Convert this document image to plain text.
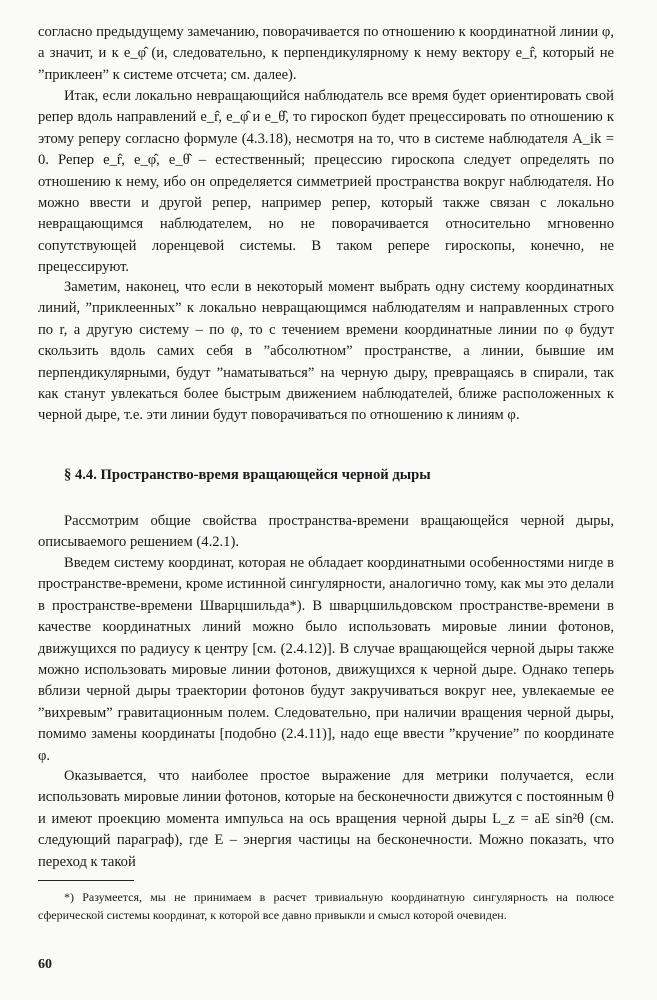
согласно предыдущему замечанию, поворачивается по отношению к координатной линии φ, а значит, и к e_φ̂ (и, следовательно, к перпендикулярному к нему вектору e_r̂, который не ”приклеен” к системе отсчета; см. далее).

Итак, если локально невращающийся наблюдатель все время будет ориентировать свой репер вдоль направлений e_r̂, e_φ̂ и e_θ̂, то гироскоп будет прецессировать по отношению к этому реперу согласно формуле (4.3.18), несмотря на то, что в системе наблюдателя A_ik = 0. Репер e_r̂, e_φ̂, e_θ̂ – естественный; прецессию гироскопа следует определять по отношению к нему, ибо он определяется симметрией пространства вокруг наблюдателя. Но можно ввести и другой репер, например репер, который также связан с локально невращающимся наблюдателем, но не поворачивается относительно мгновенно сопутствующей лоренцевой системы. В таком репере гироскопы, конечно, не прецессируют.

Заметим, наконец, что если в некоторый момент выбрать одну систему координатных линий, ”приклеенных” к локально невращающимся наблюдателям и направленных строго по r, а другую систему – по φ, то с течением времени координатные линии по φ будут скользить вдоль самих себя в ”абсолютном” пространстве, а линии, бывшие им перпендикулярными, будут ”наматываться” на черную дыру, превращаясь в спирали, так как станут увлекаться более быстрым движением наблюдателей, ближе расположенных к черной дыре, т.е. эти линии будут поворачиваться по отношению к линиям φ.

§ 4.4. Пространство-время вращающейся черной дыры

Рассмотрим общие свойства пространства-времени вращающейся черной дыры, описываемого решением (4.2.1).

Введем систему координат, которая не обладает координатными особенностями нигде в пространстве-времени, кроме истинной сингулярности, аналогично тому, как мы это делали в пространстве-времени Шварцшильда*). В шварцшильдовском пространстве-времени в качестве координатных линий можно было использовать мировые линии фотонов, движущихся по радиусу к центру [см. (2.4.12)]. В случае вращающейся черной дыры также можно использовать мировые линии фотонов, движущихся к черной дыре. Однако теперь вблизи черной дыры траектории фотонов будут закручиваться вокруг нее, увлекаемые ее ”вихревым” гравитационным полем. Следовательно, при наличии вращения черной дыры, помимо замены координаты [подобно (2.4.11)], надо еще ввести ”кручение” по координате φ.

Оказывается, что наиболее простое выражение для метрики получается, если использовать мировые линии фотонов, которые на бесконечности движутся с постоянным θ и имеют проекцию момента импульса на ось вращения черной дыры L_z = aE sin²θ (см. следующий параграф), где E – энергия частицы на бесконечности. Можно показать, что переход к такой

*) Разумеется, мы не принимаем в расчет тривиальную координатную сингулярность на полюсе сферической системы координат, к которой все давно привыкли и смысл которой очевиден.

60
